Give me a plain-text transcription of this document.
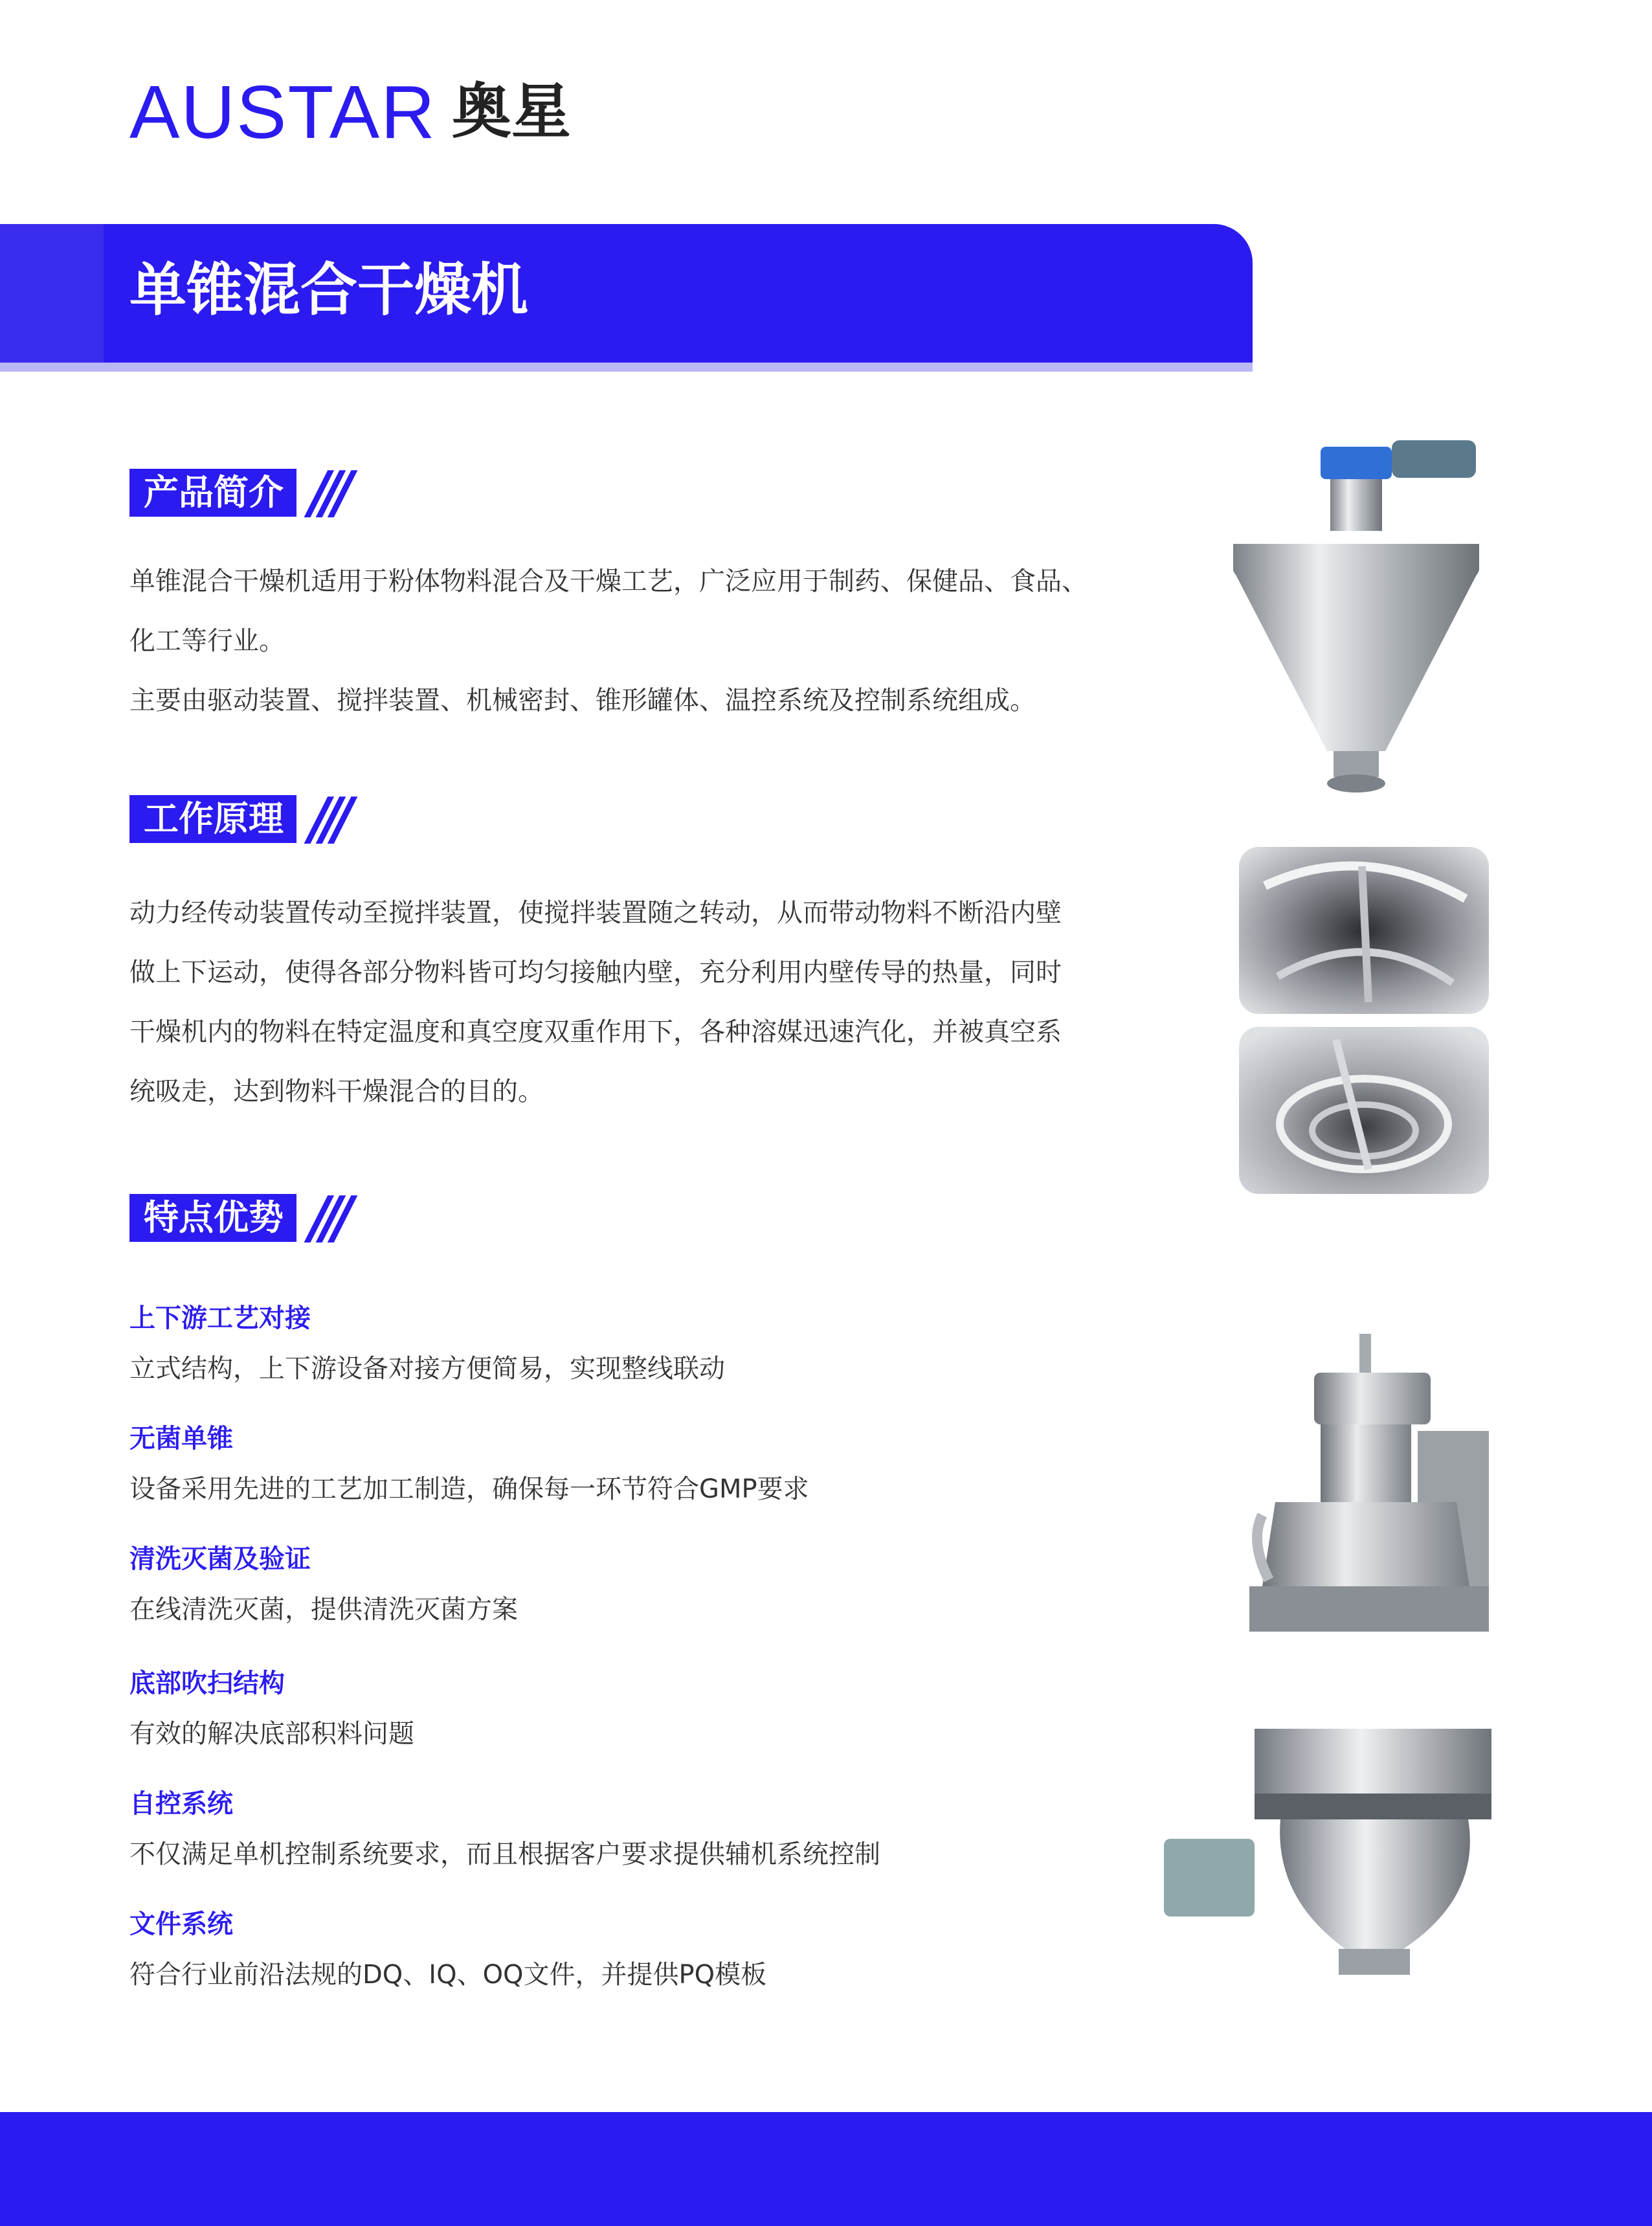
AUSTAR 奥星
单锥混合干燥机
产品简介 ///
单锥混合干燥机适用于粉体物料混合及干燥工艺，广泛应用于制药、保健品、食品、
化工等行业。
主要由驱动装置、搅拌装置、机械密封、锥形罐体、温控系统及控制系统组成。
工作原理 ///
动力经传动装置传动至搅拌装置，使搅拌装置随之转动，从而带动物料不断沿内壁
做上下运动，使得各部分物料皆可均匀接触内壁，充分利用内壁传导的热量，同时
干燥机内的物料在特定温度和真空度双重作用下，各种溶媒迅速汽化，并被真空系
统吸走，达到物料干燥混合的目的。
特点优势 ///
上下游工艺对接
立式结构，上下游设备对接方便简易，实现整线联动
无菌单锥
设备采用先进的工艺加工制造，确保每一环节符合GMP要求
清洗灭菌及验证
在线清洗灭菌，提供清洗灭菌方案
底部吹扫结构
有效的解决底部积料问题
自控系统
不仅满足单机控制系统要求，而且根据客户要求提供辅机系统控制
文件系统
符合行业前沿法规的DQ、IQ、OQ文件，并提供PQ模板
